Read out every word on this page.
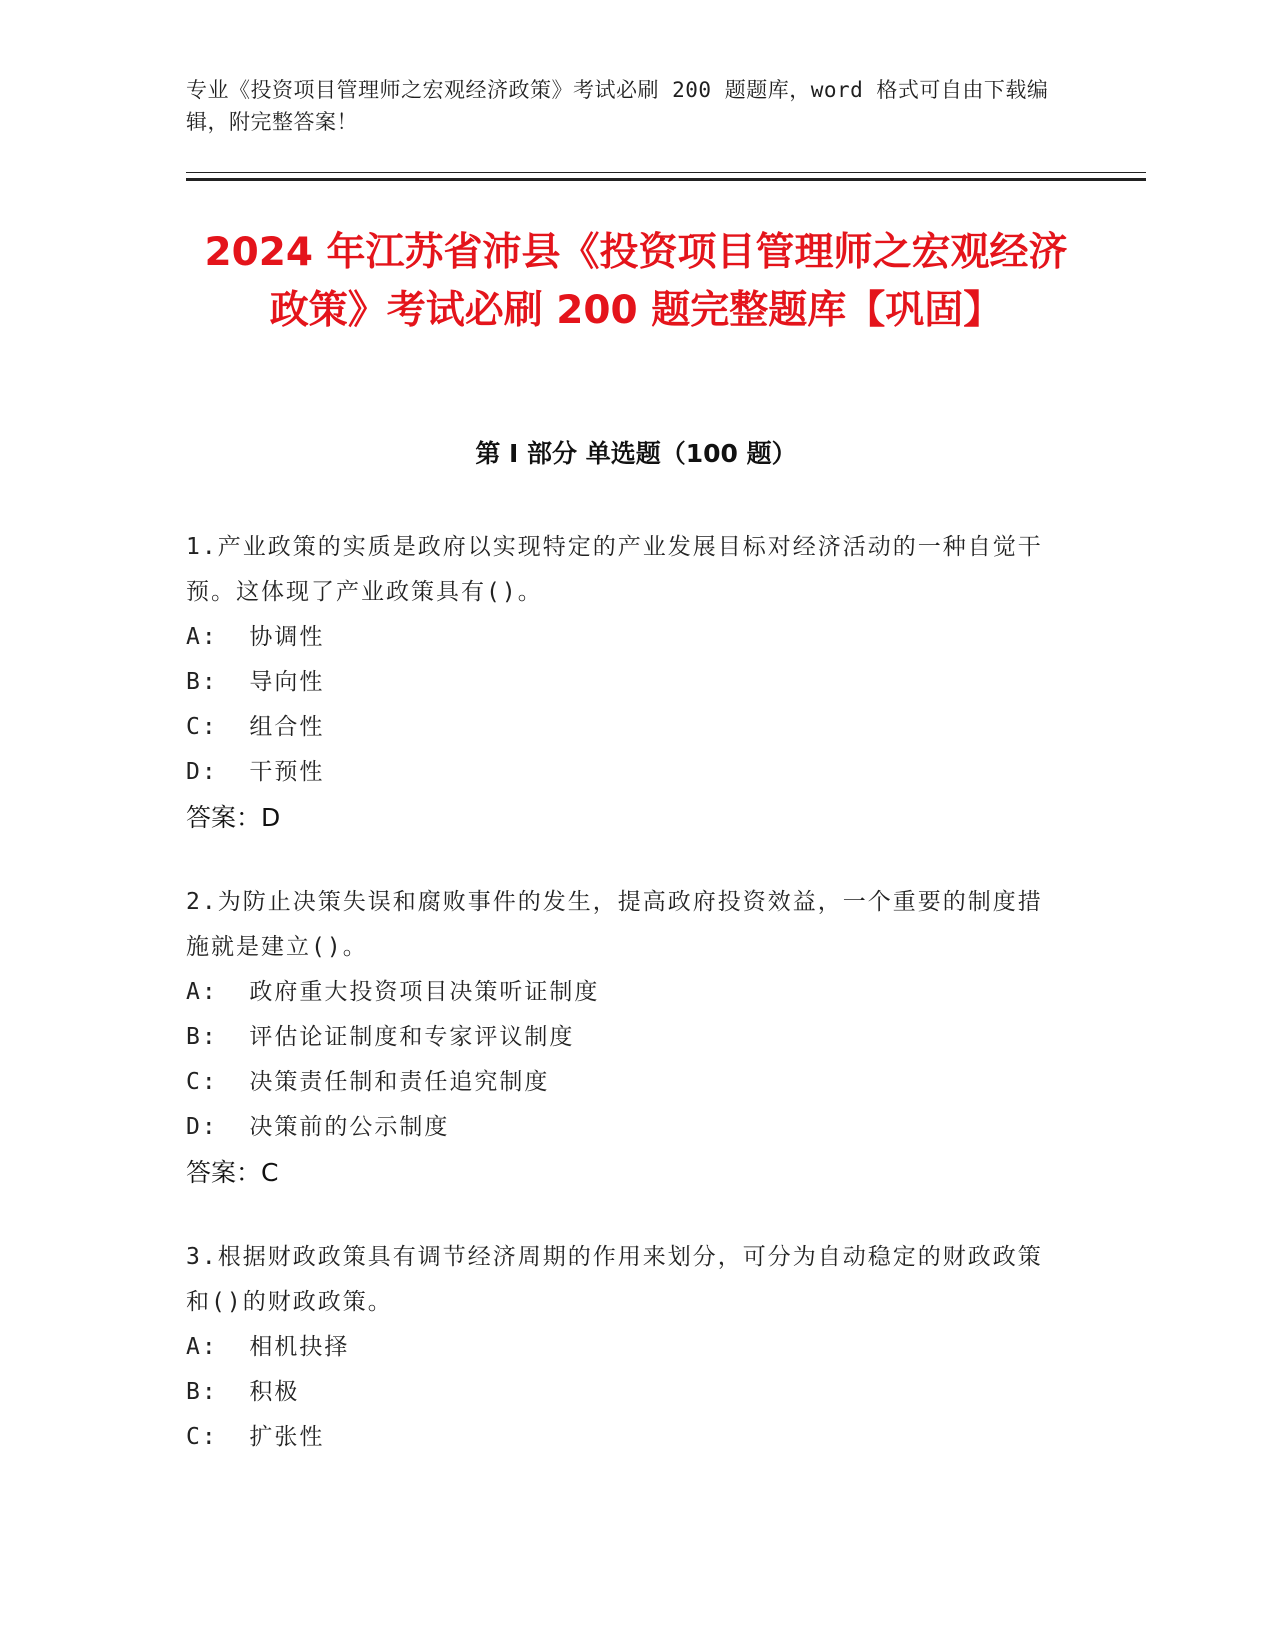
专业《投资项目管理师之宏观经济政策》考试必刷 200 题题库，word 格式可自由下载编辑，附完整答案！
2024 年江苏省沛县《投资项目管理师之宏观经济政策》考试必刷 200 题完整题库【巩固】
第 I 部分 单选题（100 题）

1.产业政策的实质是政府以实现特定的产业发展目标对经济活动的一种自觉干预。这体现了产业政策具有()。

A:  协调性

B:  导向性

C:  组合性

D:  干预性

答案：D

2.为防止决策失误和腐败事件的发生，提高政府投资效益，一个重要的制度措施就是建立()。

A:  政府重大投资项目决策听证制度

B:  评估论证制度和专家评议制度

C:  决策责任制和责任追究制度

D:  决策前的公示制度

答案：C

3.根据财政政策具有调节经济周期的作用来划分，可分为自动稳定的财政政策和()的财政政策。

A:  相机抉择

B:  积极

C:  扩张性
